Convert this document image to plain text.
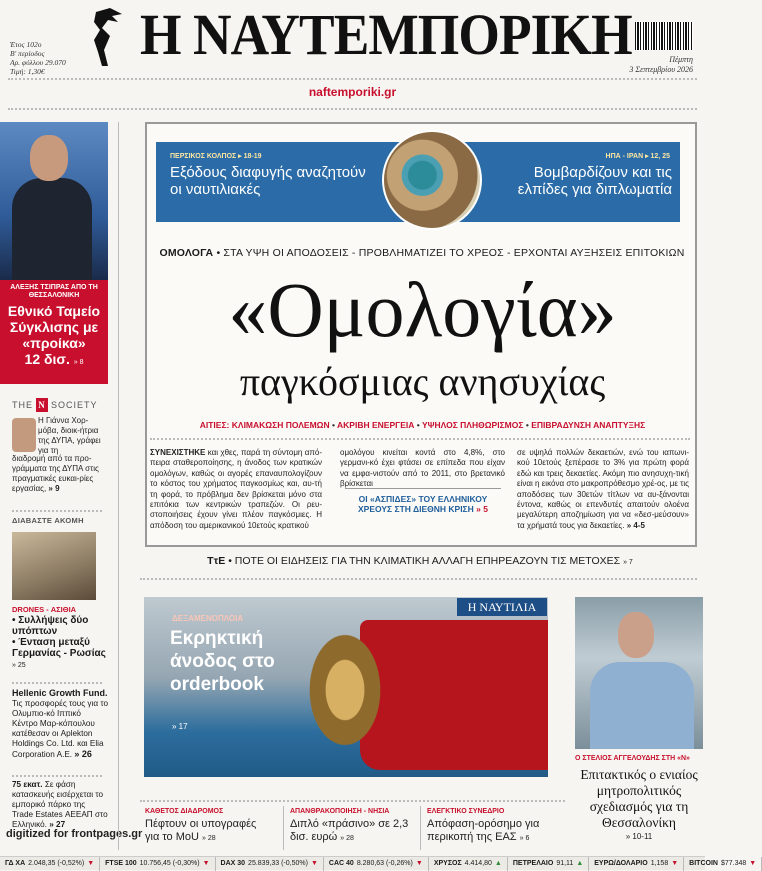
Η ΝΑΥΤΕΜΠΟΡΙΚΗ
Έτος 102ο
Β' περίοδος
Αρ. φύλλου 29.070
Τιμή: 1,30€
Πέμπτη
3 Σεπτεμβρίου 2026
naftemporiki.gr
ΑΛΕΞΗΣ ΤΣΙΠΡΑΣ ΑΠΟ ΤΗ ΘΕΣΣΑΛΟΝΙΚΗ
Εθνικό Ταμείο Σύγκλισης με «προίκα»
12 δισ. » 8
THE N SOCIETY
Η Γιάννα Χορ-μόβα, διοικ-ήτρια της ΔΥΠΑ, γράφει για τη
διαδρομή από τα προ-γράμματα της ΔΥΠΑ στις πραγματικές ευκαι-ρίες εργασίας, » 9
ΔΙΑΒΑΣΤΕ ΑΚΟΜΗ
DRONES - ΑΣΙΘΙΑ
• Συλλήψεις δύο υπόπτων
• Ένταση μεταξύ Γερμανίας - Ρωσίας
» 25
Hellenic Growth Fund. Τις προσφορές τους για το Ολυμπιο-κό Ιππικό Κέντρο Μαρ-κόπουλου κατέθεσαν οι Aplekton Holdings Co. Ltd. και Elia Corporation A.E. » 26
75 εκατ. Σε φάση κατασκευής εισέρχεται το εμπορικό πάρκο της Trade Estates ΑΕΕΑΠ στο Ελληνικό. » 27
digitized for frontpages.gr
ΠΕΡΣΙΚΟΣ ΚΟΛΠΟΣ ▸ 18-19
Εξόδους διαφυγής αναζητούν οι ναυτιλιακές
ΗΠΑ - ΙΡΑΝ ▸ 12, 25
Βομβαρδίζουν και τις ελπίδες για διπλωματία
ΟΜΟΛΟΓΑ • ΣΤΑ ΥΨΗ ΟΙ ΑΠΟΔΟΣΕΙΣ - ΠΡΟΒΛΗΜΑΤΙΖΕΙ ΤΟ ΧΡΕΟΣ - ΕΡΧΟΝΤΑΙ ΑΥΞΗΣΕΙΣ ΕΠΙΤΟΚΙΩΝ
«Ομολογία»
παγκόσμιας ανησυχίας
ΑΙΤΙΕΣ: ΚΛΙΜΑΚΩΣΗ ΠΟΛΕΜΩΝ • ΑΚΡΙΒΗ ΕΝΕΡΓΕΙΑ • ΥΨΗΛΟΣ ΠΛΗΘΩΡΙΣΜΟΣ • ΕΠΙΒΡΑΔΥΝΣΗ ΑΝΑΠΤΥΞΗΣ
ΣΥΝΕΧΙΣΤΗΚΕ και χθες, παρά τη σύντομη από-πειρα σταθεροποίησης, η άνοδος των κρατικών ομολόγων, καθώς οι αγορές επαναυπολογίζουν το κόστος του χρήματος παγκοσμίως και, αυ-τή τη φορά, το πρόβλημα δεν βρίσκεται μόνο στα επιτόκια των κεντρικών τραπεζών. Οι ρευ-στοποιήσεις έχουν γίνει πλέον παγκόσμιες. Η απόδοση του αμερικανικού 10ετούς κρατικού
ομολόγου κινείται κοντά στο 4,8%, στο γερμανι-κό έχει φτάσει σε επίπεδα που είχαν να εμφα-νιστούν από το 2011, στο βρετανικό βρίσκεται
ΟΙ «ΑΣΠΙΔΕΣ» ΤΟΥ ΕΛΛΗΝΙΚΟΥ ΧΡΕΟΥΣ ΣΤΗ ΔΙΕΘΝΗ ΚΡΙΣΗ » 5
σε υψηλά πολλών δεκαετιών, ενώ του ιαπωνι-κού 10ετούς ξεπέρασε το 3% για πρώτη φορά εδώ και τρεις δεκαετίες. Ακόμη πιο ανησυχη-τική είναι η εικόνα στο μακροπρόθεσμο χρέ-ος, με τις αποδόσεις των 30ετών τίτλων να αυ-ξάνονται έντονα, καθώς οι επενδυτές απαιτούν ολοένα μεγαλύτερη αποζημίωση για να «δεσ-μεύσουν» τα χρήματά τους για δεκαετίες. » 4-5
ΤτΕ • ΠΟΤΕ ΟΙ ΕΙΔΗΣΕΙΣ ΓΙΑ ΤΗΝ ΚΛΙΜΑΤΙΚΗ ΑΛΛΑΓΗ ΕΠΗΡΕΑΖΟΥΝ ΤΙΣ ΜΕΤΟΧΕΣ » 7
Η ΝΑΥΤΙΛΙΑ
ΔΕΞΑΜΕΝΟΠΛΟΙΑ
Εκρηκτική άνοδος στο orderbook
» 17
Ο ΣΤΕΛΙΟΣ ΑΓΓΕΛΟΥΔΗΣ ΣΤΗ «Ν»
Επιτακτικός ο ενιαίος μητροπολιτικός σχεδιασμός για τη Θεσσαλονίκη
» 10-11
ΚΑΘΕΤΟΣ ΔΙΑΔΡΟΜΟΣ
Πέφτουν οι υπογραφές για το MoU » 28
ΑΠΑΝΘΡΑΚΟΠΟΙΗΣΗ - ΝΗΣΙΑ
Διπλό «πράσινο» σε 2,3 δισ. ευρώ » 28
ΕΛΕΓΚΤΙΚΟ ΣΥΝΕΔΡΙΟ
Απόφαση-ορόσημο για περικοπή της ΕΑΣ » 6
ΓΔ ΧΑ 2.048,35 (-0,52%) ▼ FTSE 100 10.756,45 (-0,30%) ▼ DAX 30 25.839,33 (-0,50%) ▼ CAC 40 8.280,63 (-0,26%) ▼ ΧΡΥΣΟΣ 4.414,80 ▲ ΠΕΤΡΕΛΑΙΟ 91,11 ▲ ΕΥΡΩ/ΔΟΛΑΡΙΟ 1,158 ▼ BITCOIN $77.348 ▼
